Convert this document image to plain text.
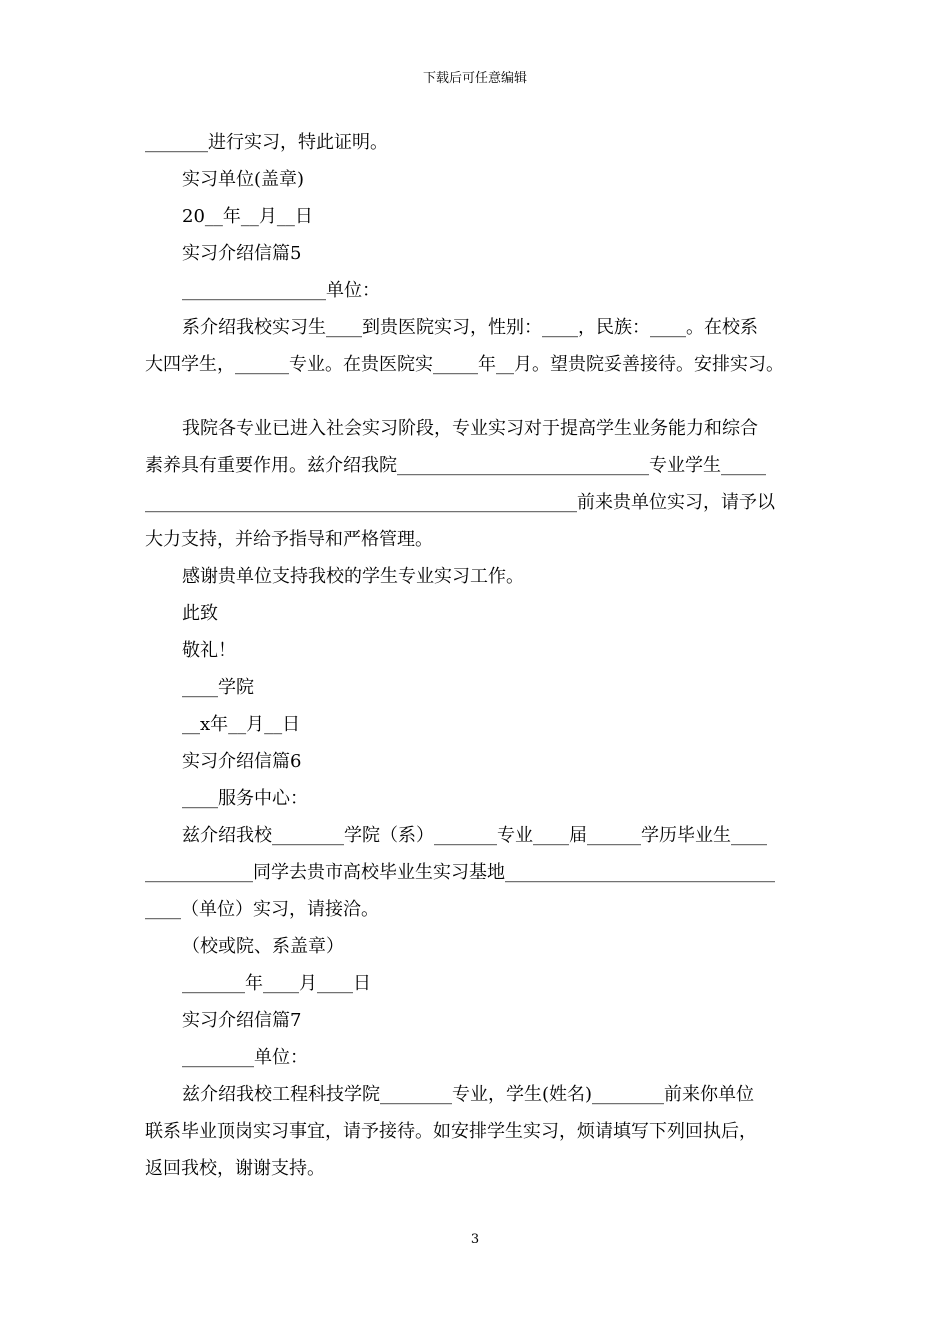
下载后可任意编辑

_______进行实习，特此证明。

实习单位(盖章)

20__年__月__日

实习介绍信篇5

________________单位：

系介绍我校实习生____到贵医院实习，性别：____，民族：____。在校系

大四学生，______专业。在贵医院实_____年__月。望贵院妥善接待。安排实习。

我院各专业已进入社会实习阶段，专业实习对于提高学生业务能力和综合

素养具有重要作用。兹介绍我院____________________________专业学生_____

________________________________________________前来贵单位实习，请予以

大力支持，并给予指导和严格管理。

感谢贵单位支持我校的学生专业实习工作。

此致

敬礼！

____学院

__x年__月__日

实习介绍信篇6

____服务中心：

兹介绍我校________学院（系）_______专业____届______学历毕业生____

____________同学去贵市高校毕业生实习基地______________________________

____（单位）实习，请接洽。

（校或院、系盖章）

_______年____月____日

实习介绍信篇7

________单位：

兹介绍我校工程科技学院________专业，学生(姓名)________前来你单位

联系毕业顶岗实习事宜，请予接待。如安排学生实习，烦请填写下列回执后，

返回我校，谢谢支持。

3
